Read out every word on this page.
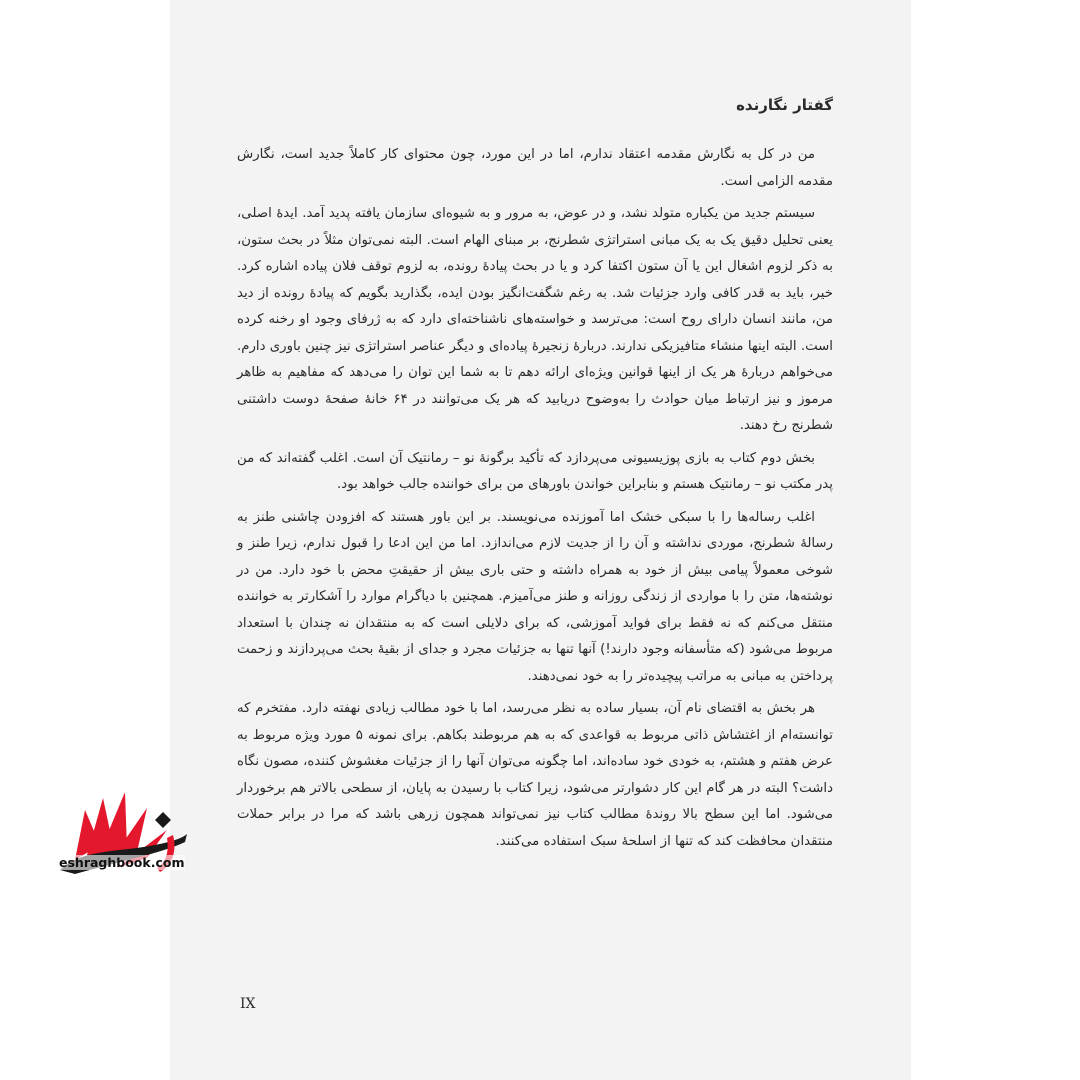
گفتار نگارنده

من در کل به نگارش مقدمه اعتقاد ندارم، اما در این مورد، چون محتوای کار کاملاً جدید است، نگارش مقدمه الزامی است.

سیستم جدید من یکباره متولد نشد، و در عوض، به مرور و به شیوه‌ای سازمان یافته پدید آمد. ایدهٔ اصلی، یعنی تحلیل دقیق یک به یک مبانی استراتژی شطرنج، بر مبنای الهام است. البته نمی‌توان مثلاً در بحث ستون، به ذکر لزوم اشغال این یا آن ستون اکتفا کرد و یا در بحث پیادهٔ رونده، به لزوم توقف فلان پیاده اشاره کرد. خیر، باید به قدر کافی وارد جزئیات شد. به رغم شگفت‌انگیز بودن ایده، بگذارید بگویم که پیادهٔ رونده از دید من، مانند انسان دارای روح است: می‌ترسد و خواسته‌های ناشناخته‌ای دارد که به ژرفای وجود او رخنه کرده است. البته اینها منشاء متافیزیکی ندارند. دربارهٔ زنجیرهٔ پیاده‌ای و دیگر عناصر استراتژی نیز چنین باوری دارم. می‌خواهم دربارهٔ هر یک از اینها قوانین ویژه‌ای ارائه دهم تا به شما این توان را می‌دهد که مفاهیم به ظاهر مرموز و نیز ارتباط میان حوادث را به‌وضوح دریابید که هر یک می‌توانند در ۶۴ خانهٔ صفحهٔ دوست داشتنی شطرنج رخ دهند.

بخش دوم کتاب به بازی پوزیسیونی می‌پردازد که تأکید برگونهٔ نو – رمانتیک آن است. اغلب گفته‌اند که من پدر مکتب نو – رمانتیک هستم و بنابراین خواندن باورهای من برای خواننده جالب خواهد بود.

اغلب رساله‌ها را با سبکی خشک اما آموزنده می‌نویسند. بر این باور هستند که افزودن چاشنی طنز به رسالهٔ شطرنج، موردی نداشته و آن را از جدیت لازم می‌اندازد. اما من این ادعا را قبول ندارم، زیرا طنز و شوخی معمولاً پیامی بیش از خود به همراه داشته و حتی باری بیش از حقیقتِ محض با خود دارد. من در نوشته‌ها، متن را با مواردی از زندگی روزانه و طنز می‌آمیزم. همچنین با دیاگرام موارد را آشکارتر به خواننده منتقل می‌کنم که نه فقط برای فواید آموزشی، که برای دلایلی است که به منتقدان نه چندان با استعداد مربوط می‌شود (که متأسفانه وجود دارند!) آنها تنها به جزئیات مجرد و جدای از بقیهٔ بحث می‌پردازند و زحمت پرداختن به مبانی به مراتب پیچیده‌تر را به خود نمی‌دهند.

هر بخش به اقتضای نام آن، بسیار ساده به نظر می‌رسد، اما با خود مطالب زیادی نهفته دارد. مفتخرم که توانسته‌ام از اغتشاش ذاتی مربوط به قواعدی که به هم مربوطند بکاهم. برای نمونه ۵ مورد ویژه مربوط به عرض هفتم و هشتم، به خودی خود ساده‌اند، اما چگونه می‌توان آنها را از جزئیات مغشوش کننده، مصون نگاه داشت؟ البته در هر گام این کار دشوارتر می‌شود، زیرا کتاب با رسیدن به پایان، از سطحی بالاتر هم برخوردار می‌شود. اما این سطح بالا روندهٔ مطالب کتاب نیز نمی‌تواند همچون زرهی باشد که مرا در برابر حملات منتقدان محافظت کند که تنها از اسلحهٔ سبک استفاده می‌کنند.

IX
eshraghbook.com
